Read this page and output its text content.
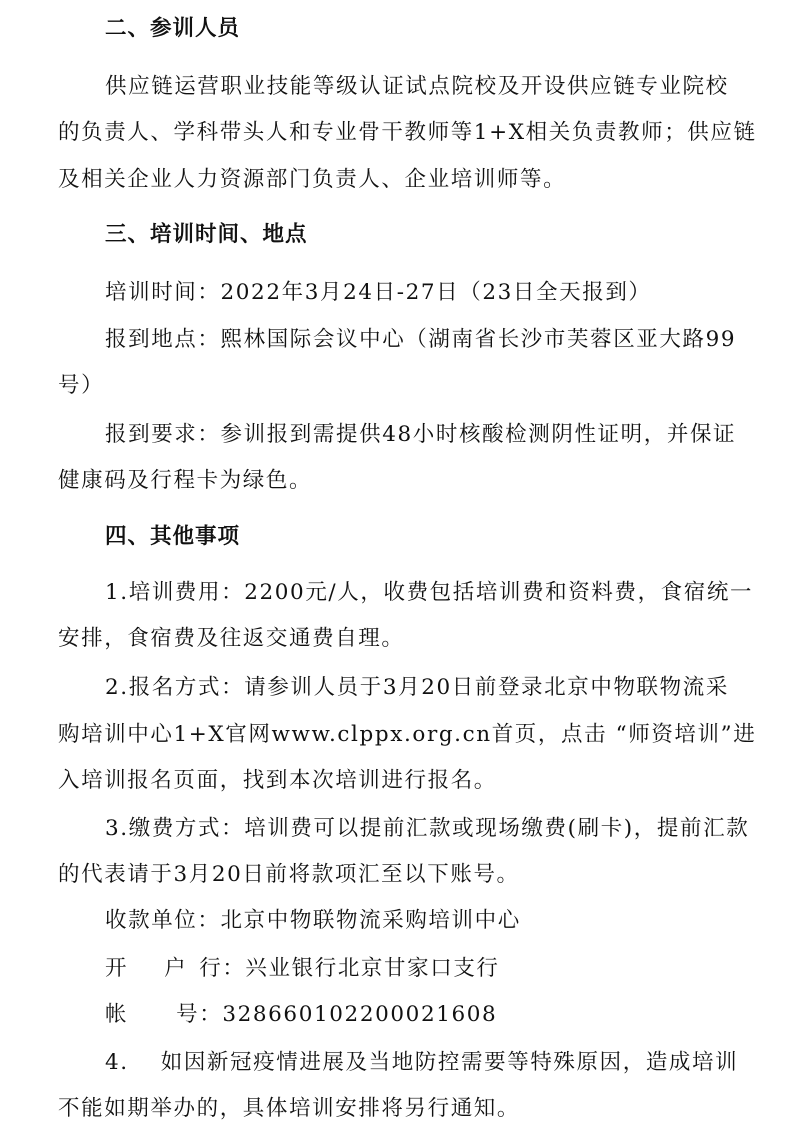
二、参训人员
供应链运营职业技能等级认证试点院校及开设供应链专业院校
的负责人、学科带头人和专业骨干教师等1+X相关负责教师；供应链
及相关企业人力资源部门负责人、企业培训师等。
三、培训时间、地点
培训时间：2022年3月24日-27日（23日全天报到）
报到地点：熙林国际会议中心（湖南省长沙市芙蓉区亚大路99
号）
报到要求：参训报到需提供48小时核酸检测阴性证明，并保证
健康码及行程卡为绿色。
四、其他事项
1.培训费用：2200元/人，收费包括培训费和资料费，食宿统一
安排，食宿费及往返交通费自理。
2.报名方式：请参训人员于3月20日前登录北京中物联物流采
购培训中心1+X官网www.clppx.org.cn首页，点击 “师资培训”进
入培训报名页面，找到本次培训进行报名。
3.缴费方式：培训费可以提前汇款或现场缴费(刷卡)，提前汇款
的代表请于3月20日前将款项汇至以下账号。
收款单位：北京中物联物流采购培训中心
开 户 行：兴业银行北京甘家口支行
帐 号：328660102200021608
4. 如因新冠疫情进展及当地防控需要等特殊原因，造成培训
不能如期举办的，具体培训安排将另行通知。
